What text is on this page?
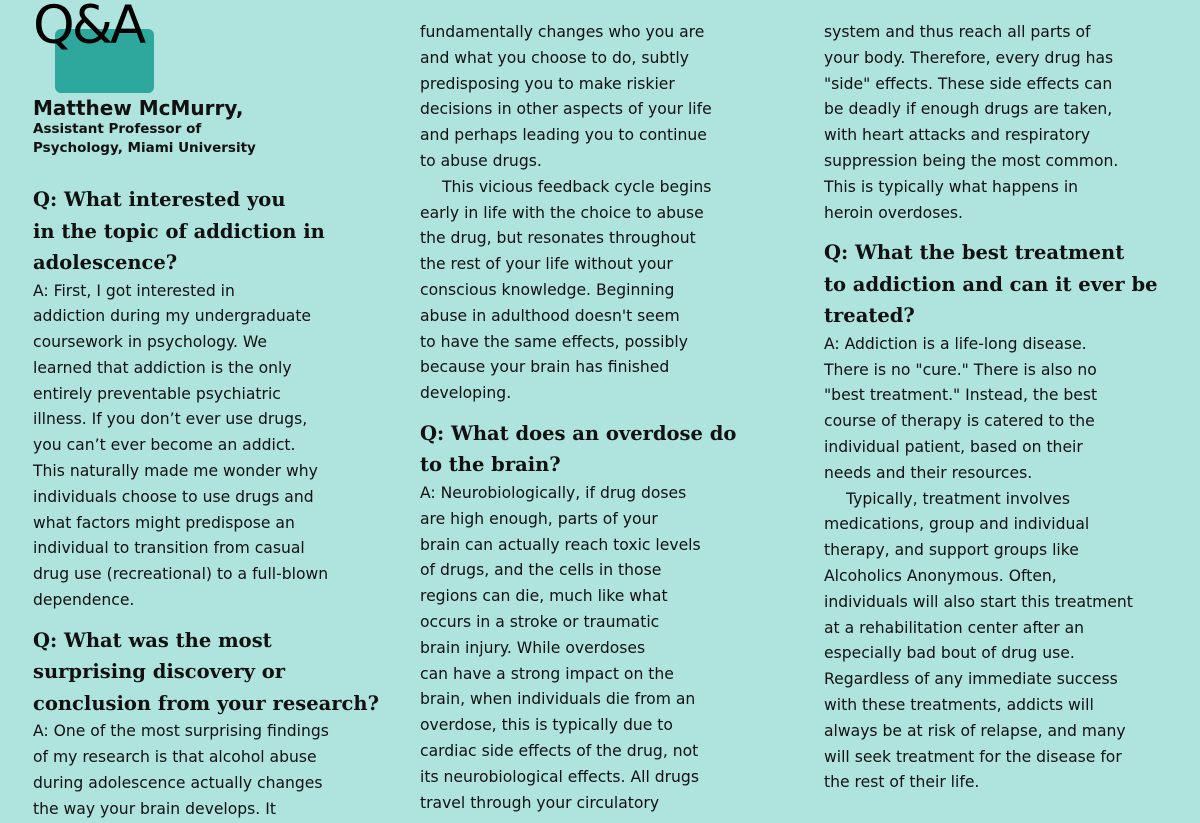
Q&A
Matthew McMurry,
Assistant Professor of
Psychology, Miami University
Q: What interested you
in the topic of addiction in
adolescence?
A: First, I got interested in
addiction during my undergraduate
coursework in psychology. We
learned that addiction is the only
entirely preventable psychiatric
illness. If you don’t ever use drugs,
you can’t ever become an addict.
This naturally made me wonder why
individuals choose to use drugs and
what factors might predispose an
individual to transition from casual
drug use (recreational) to a full-blown
dependence.
Q: What was the most
surprising discovery or
conclusion from your research?
A: One of the most surprising findings
of my research is that alcohol abuse
during adolescence actually changes
the way your brain develops. It
fundamentally changes who you are
and what you choose to do, subtly
predisposing you to make riskier
decisions in other aspects of your life
and perhaps leading you to continue
to abuse drugs.
This vicious feedback cycle begins
early in life with the choice to abuse
the drug, but resonates throughout
the rest of your life without your
conscious knowledge. Beginning
abuse in adulthood doesn't seem
to have the same effects, possibly
because your brain has finished
developing.
Q: What does an overdose do
to the brain?
A: Neurobiologically, if drug doses
are high enough, parts of your
brain can actually reach toxic levels
of drugs, and the cells in those
regions can die, much like what
occurs in a stroke or traumatic
brain injury. While overdoses
can have a strong impact on the
brain, when individuals die from an
overdose, this is typically due to
cardiac side effects of the drug, not
its neurobiological effects. All drugs
travel through your circulatory
system and thus reach all parts of
your body. Therefore, every drug has
"side" effects. These side effects can
be deadly if enough drugs are taken,
with heart attacks and respiratory
suppression being the most common.
This is typically what happens in
heroin overdoses.
Q: What the best treatment
to addiction and can it ever be
treated?
A: Addiction is a life-long disease.
There is no "cure." There is also no
"best treatment." Instead, the best
course of therapy is catered to the
individual patient, based on their
needs and their resources.
Typically, treatment involves
medications, group and individual
therapy, and support groups like
Alcoholics Anonymous. Often,
individuals will also start this treatment
at a rehabilitation center after an
especially bad bout of drug use.
Regardless of any immediate success
with these treatments, addicts will
always be at risk of relapse, and many
will seek treatment for the disease for
the rest of their life.
